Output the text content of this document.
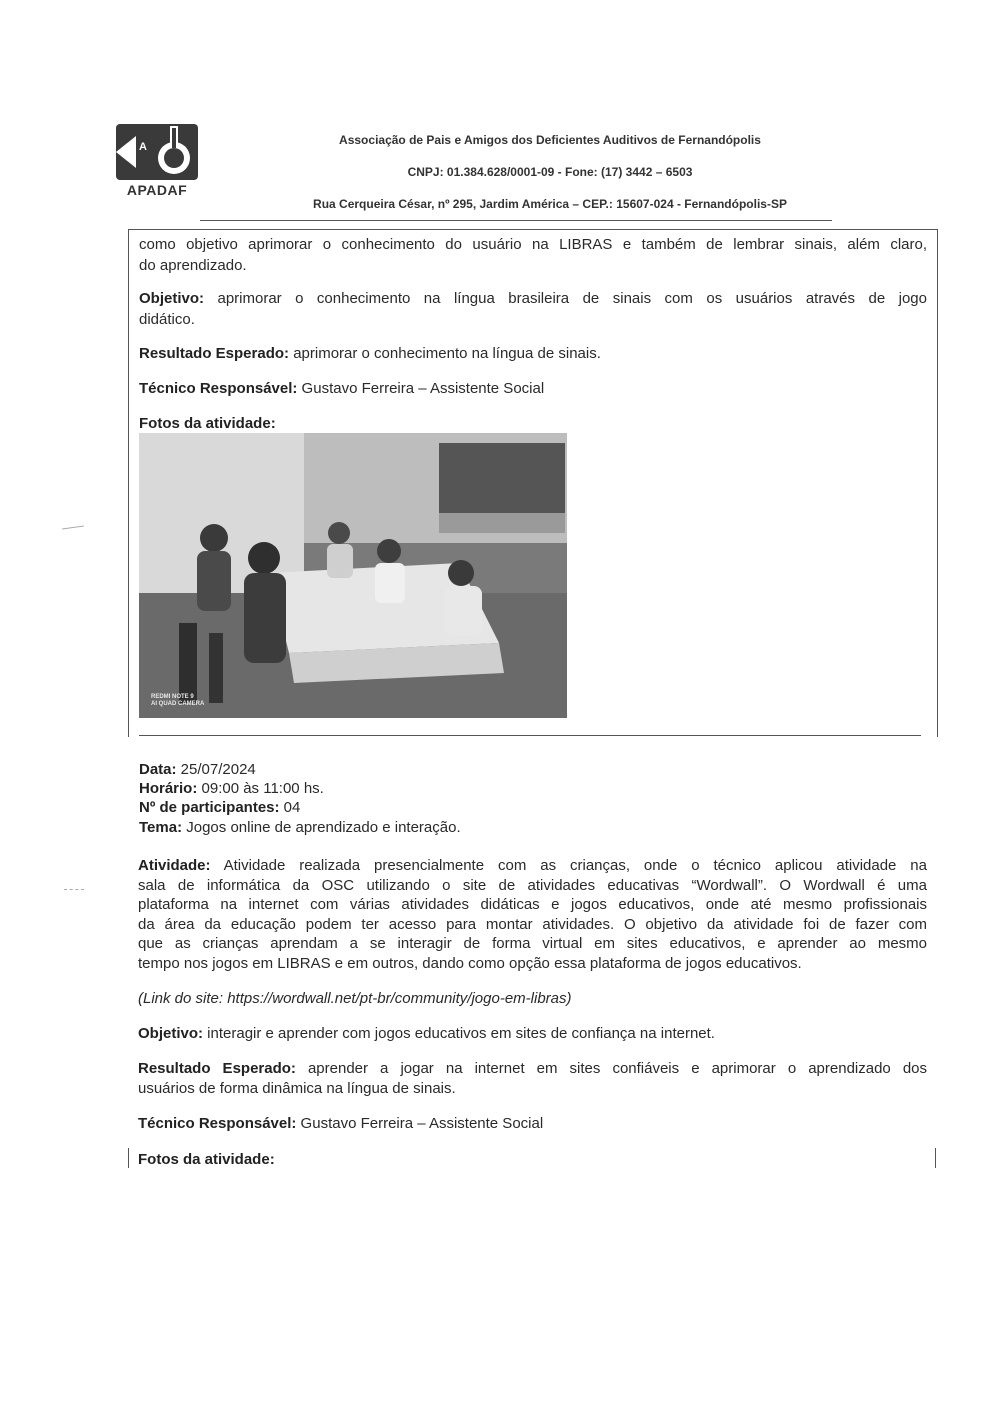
APADAF
A	Associação de Pais e Amigos dos Deficientes Auditivos de Fernandópolis
CNPJ: 01.384.628/0001-09 - Fone: (17) 3442 – 6503
Rua Cerqueira César, nº 295, Jardim América – CEP.: 15607-024 - Fernandópolis-SP
como objetivo aprimorar o conhecimento do usuário na LIBRAS e também de lembrar sinais, além claro,
do aprendizado.
Objetivo: aprimorar o conhecimento na língua brasileira de sinais com os usuários através de jogo
didático.
Resultado Esperado: aprimorar o conhecimento na língua de sinais.
Técnico Responsável: Gustavo Ferreira – Assistente Social
Fotos da atividade:
REDMI NOTE 9
AI QUAD CAMERA
Data: 25/07/2024
Horário: 09:00 às 11:00 hs.
Nº de participantes: 04
Tema: Jogos online de aprendizado e interação.
Atividade: Atividade realizada presencialmente com as crianças, onde o técnico aplicou atividade na
sala de informática da OSC utilizando o site de atividades educativas “Wordwall”. O Wordwall é uma
plataforma na internet com várias atividades didáticas e jogos educativos, onde até mesmo profissionais
da área da educação podem ter acesso para montar atividades. O objetivo da atividade foi de fazer com
que as crianças aprendam a se interagir de forma virtual em sites educativos, e aprender ao mesmo
tempo nos jogos em LIBRAS e em outros, dando como opção essa plataforma de jogos educativos.
(Link do site: https://wordwall.net/pt-br/community/jogo-em-libras)
Objetivo: interagir e aprender com jogos educativos em sites de confiança na internet.
Resultado Esperado: aprender a jogar na internet em sites confiáveis e aprimorar o aprendizado dos
usuários de forma dinâmica na língua de sinais.
Técnico Responsável: Gustavo Ferreira – Assistente Social
Fotos da atividade:
